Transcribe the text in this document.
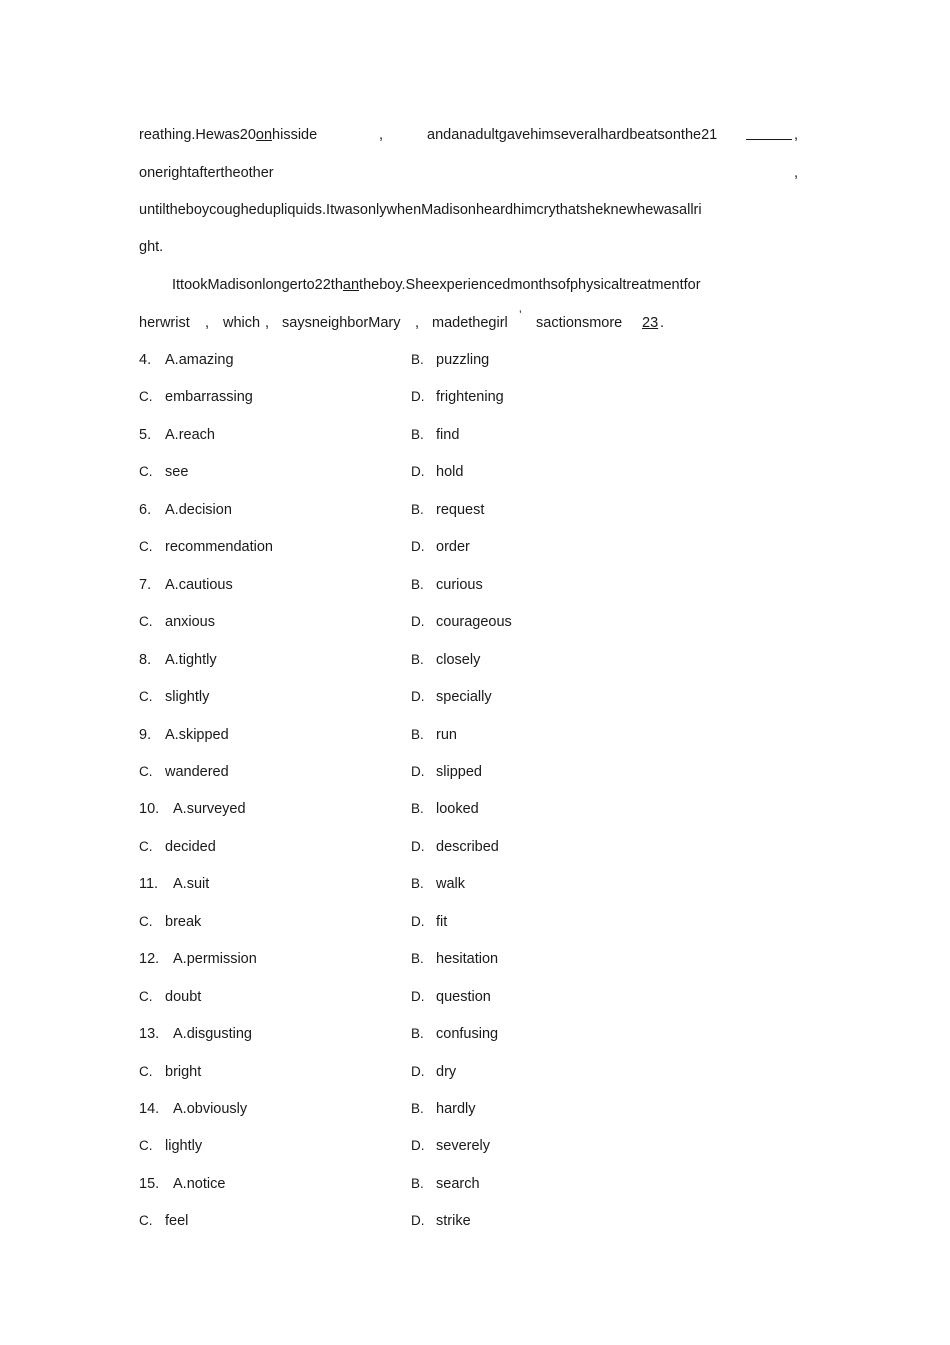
reathing.Hewas20onhisside	,	andanadultgavehimseveralhardbeatsonthe21	,
onerightaftertheother	,
untiltheboycoughedupliquids.ItwasonlywhenMadisonheardhimcrythatsheknewhewasallri
ght.
IttookMadisonlongerto22thantheboy.Sheexperiencedmonthsofphysicaltreatmentfor
herwrist , which , saysneighborMary , madethegirl ’ sactionsmore 23 .
4. A.amazing	B. puzzling
C. embarrassing	D. frightening
5. A.reach	B. find
C. see	D. hold
6. A.decision	B. request
C. recommendation	D. order
7. A.cautious	B. curious
C. anxious	D. courageous
8. A.tightly	B. closely
C. slightly	D. specially
9. A.skipped	B. run
C. wandered	D. slipped
10. A.surveyed	B. looked
C. decided	D. described
11. A.suit	B. walk
C. break	D. fit
12. A.permission	B. hesitation
C. doubt	D. question
13. A.disgusting	B. confusing
C. bright	D. dry
14. A.obviously	B. hardly
C. lightly	D. severely
15. A.notice	B. search
C. feel	D. strike
